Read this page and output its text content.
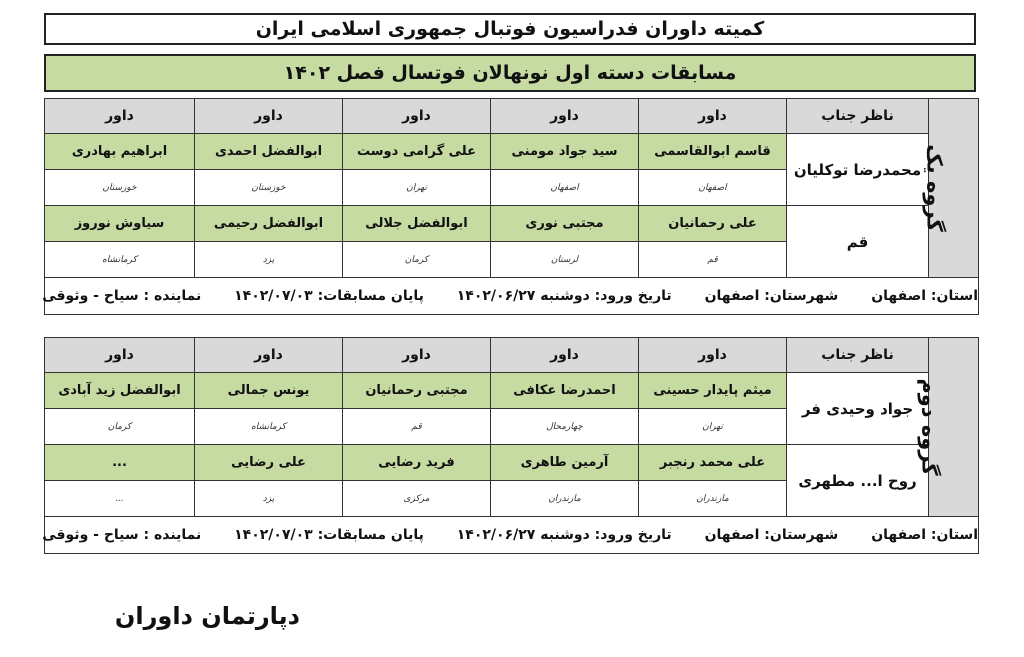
کمیته داوران فدراسیون فوتبال جمهوری اسلامی ایران
مسابقات دسته اول نونهالان فوتسال فصل ۱۴۰۲
گروه یک	ناظر جناب	داور	داور	داور	داور	داور
	محمدرضا توکلیان	قاسم ابوالقاسمی	سید جواد مومنی	علی گرامی دوست	ابوالفضل احمدی	ابراهیم بهادری
		اصفهان	اصفهان	تهران	خوزستان	خوزستان
	قم	علی رحمانیان	مجتبی نوری	ابوالفضل جلالی	ابوالفضل رحیمی	سیاوش نوروز
		قم	لرستان	کرمان	یزد	کرمانشاه
استان: اصفهان شهرستان: اصفهان تاریخ ورود: دوشنبه ۱۴۰۲/۰۶/۲۷ پایان مسابقات: ۱۴۰۲/۰۷/۰۳ نماینده : سیاح - وثوقی						
گروه دوم	ناظر جناب	داور	داور	داور	داور	داور
	جواد وحیدی فر	میثم پایدار حسینی	احمدرضا عکافی	مجتبی رحمانیان	یونس جمالی	ابوالفضل زید آبادی
		تهران	چهارمحال	قم	کرمانشاه	کرمان
	روح ا... مطهری	علی محمد رنجبر	آرمین طاهری	فرید رضایی	علی رضایی	...
		مازندران	مازندران	مرکزی	یزد	...
استان: اصفهان شهرستان: اصفهان تاریخ ورود: دوشنبه ۱۴۰۲/۰۶/۲۷ پایان مسابقات: ۱۴۰۲/۰۷/۰۳ نماینده : سیاح - وثوقی						
دپارتمان داوران
